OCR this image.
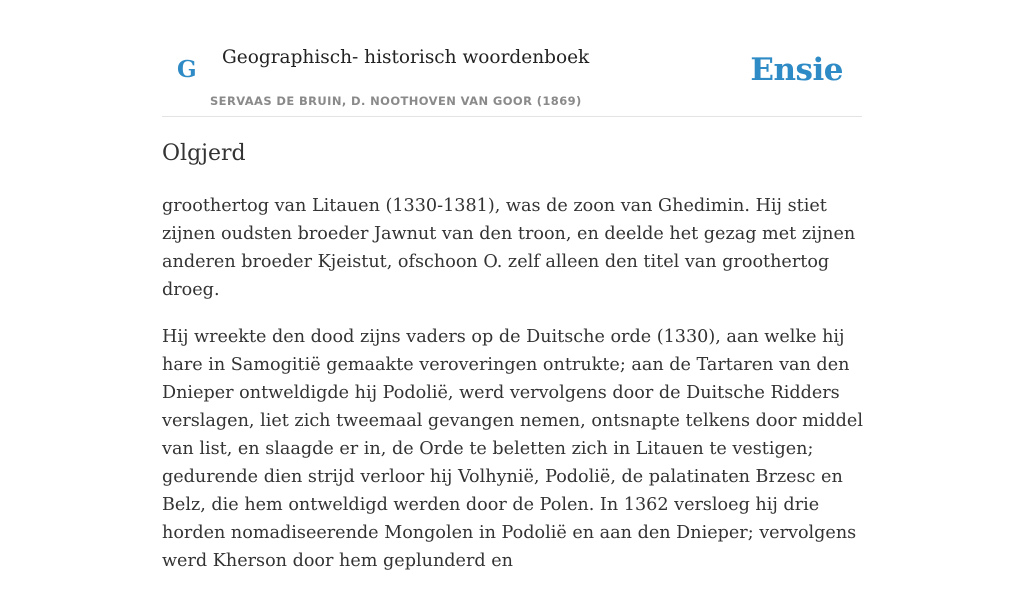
G Geographisch- historisch woordenboek
SERVAAS DE BRUIN, D. NOOTHOVEN VAN GOOR (1869)
Ensie
Olgjerd

groothertog van Litauen (1330-1381), was de zoon van Ghedimin. Hij stiet zijnen oudsten broeder Jawnut van den troon, en deelde het gezag met zijnen anderen broeder Kjeistut, ofschoon O. zelf alleen den titel van groothertog droeg.

Hij wreekte den dood zijns vaders op de Duitsche orde (1330), aan welke hij hare in Samogitië gemaakte veroveringen ontrukte; aan de Tartaren van den Dnieper ontweldigde hij Podolië, werd vervolgens door de Duitsche Ridders verslagen, liet zich tweemaal gevangen nemen, ontsnapte telkens door middel van list, en slaagde er in, de Orde te beletten zich in Litauen te vestigen; gedurende dien strijd verloor hij Volhynië, Podolië, de palatinaten Brzesc en Belz, die hem ontweldigd werden door de Polen. In 1362 versloeg hij drie horden nomadiseerende Mongolen in Podolië en aan den Dnieper; vervolgens werd Kherson door hem geplunderd en
